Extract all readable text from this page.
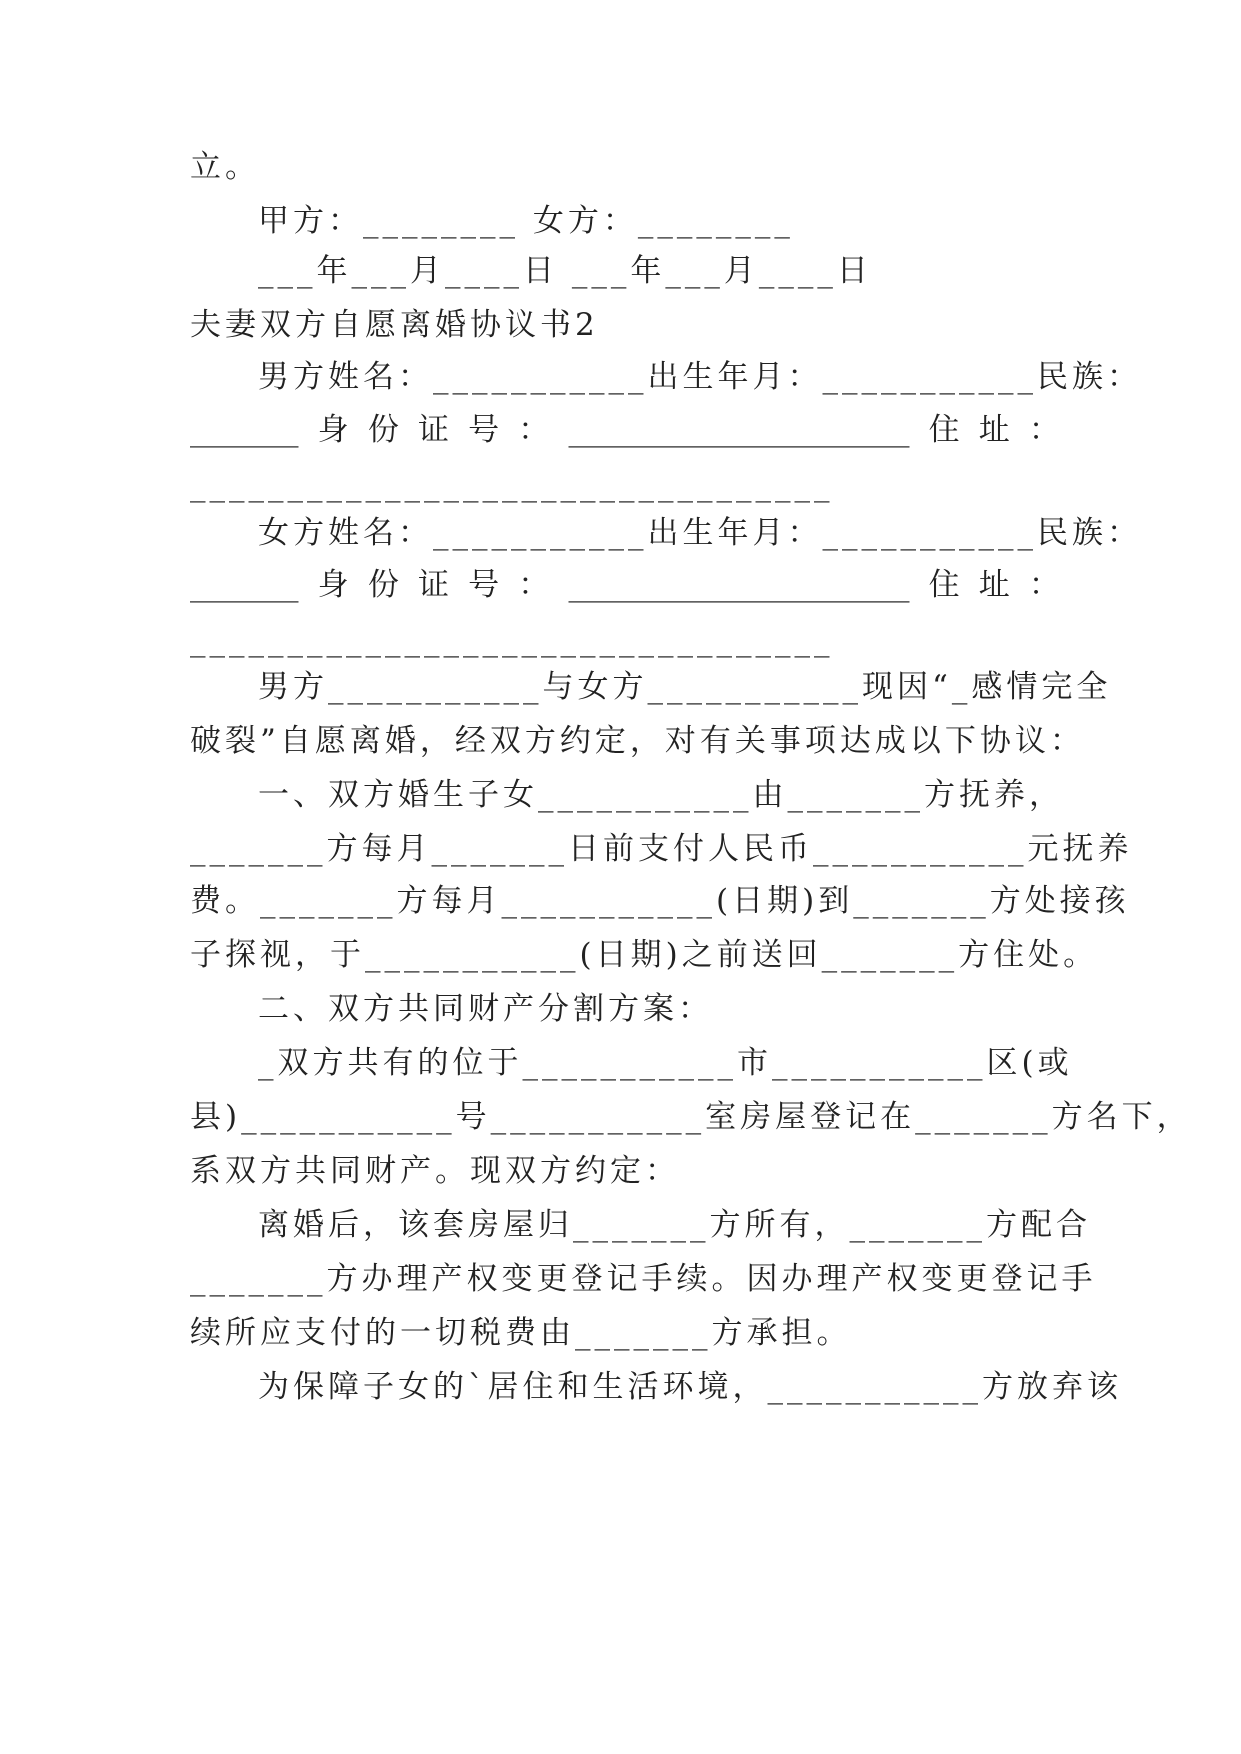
立。
甲方：________ 女方：________
___年___月____日 ___年___月____日
夫妻双方自愿离婚协议书2
男方姓名：___________出生年月：___________民族：
_______ 身 份 证 号 ： ______________________ 住 址 ：
_________________________________
女方姓名：___________出生年月：___________民族：
_______ 身 份 证 号 ： ______________________ 住 址 ：
_________________________________
男方___________与女方___________现因“_感情完全
破裂”自愿离婚，经双方约定，对有关事项达成以下协议：
一、双方婚生子女___________由_______方抚养，
_______方每月_______日前支付人民币___________元抚养
费。_______方每月___________(日期)到_______方处接孩
子探视，于___________(日期)之前送回_______方住处。
二、双方共同财产分割方案：
_双方共有的位于___________市___________区(或
县)___________号___________室房屋登记在_______方名下，
系双方共同财产。现双方约定：
离婚后，该套房屋归_______方所有，_______方配合
_______方办理产权变更登记手续。因办理产权变更登记手
续所应支付的一切税费由_______方承担。
为保障子女的`居住和生活环境，___________方放弃该
